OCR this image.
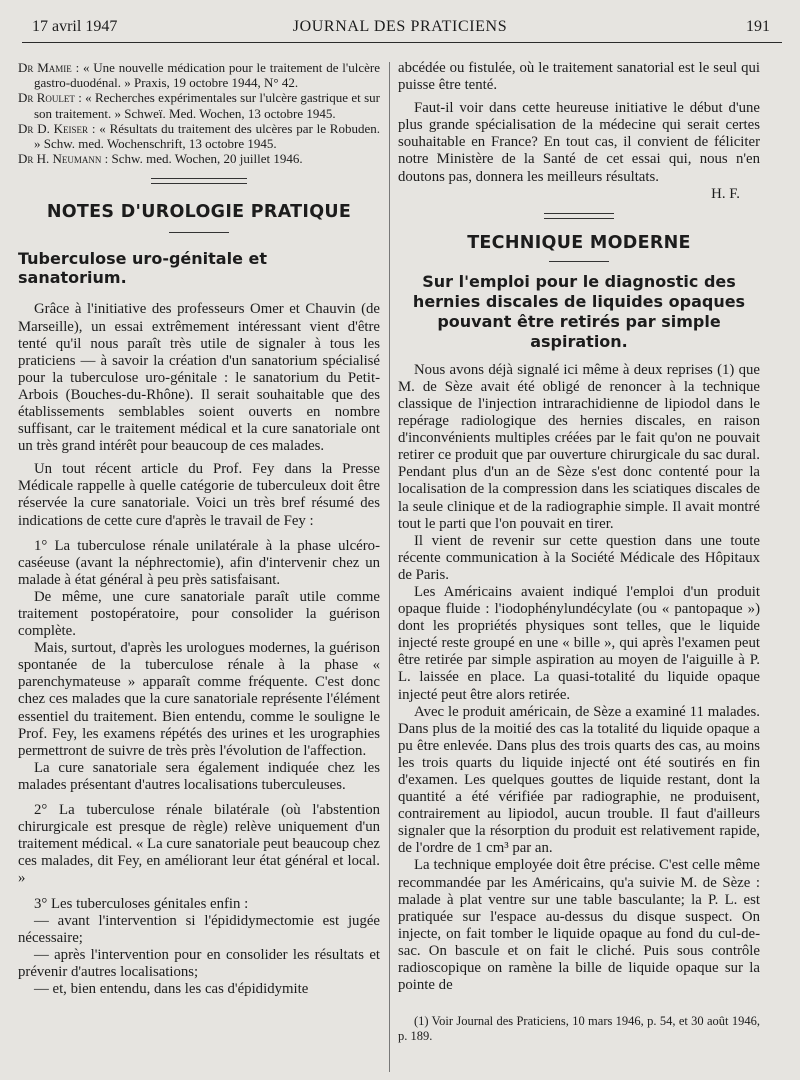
17 avril 1947	JOURNAL DES PRATICIENS	191

Dr Mamie : « Une nouvelle médication pour le traitement de l'ulcère gastro-duodénal. » Praxis, 19 octobre 1944, N° 42.

Dr Roulet : « Recherches expérimentales sur l'ulcère gastrique et sur son traitement. » Schweï. Med. Wochen, 13 octobre 1945.

Dr D. Keiser : « Résultats du traitement des ulcères par le Robuden. » Schw. med. Wochenschrift, 13 octobre 1945.

Dr H. Neumann : Schw. med. Wochen, 20 juillet 1946.

NOTES D'UROLOGIE PRATIQUE
Tuberculose uro-génitale et sanatorium.

Grâce à l'initiative des professeurs Omer et Chauvin (de Marseille), un essai extrêmement intéressant vient d'être tenté qu'il nous paraît très utile de signaler à tous les praticiens — à savoir la création d'un sanatorium spécialisé pour la tuberculose uro-génitale : le sanatorium du Petit-Arbois (Bouches-du-Rhône). Il serait souhaitable que des établissements semblables soient ouverts en nombre suffisant, car le traitement médical et la cure sanatoriale ont un très grand intérêt pour beaucoup de ces malades.

Un tout récent article du Prof. Fey dans la Presse Médicale rappelle à quelle catégorie de tuberculeux doit être réservée la cure sanatoriale. Voici un très bref résumé des indications de cette cure d'après le travail de Fey :

1° La tuberculose rénale unilatérale à la phase ulcéro-caséeuse (avant la néphrectomie), afin d'intervenir chez un malade à état général à peu près satisfaisant.

De même, une cure sanatoriale paraît utile comme traitement postopératoire, pour consolider la guérison complète.

Mais, surtout, d'après les urologues modernes, la guérison spontanée de la tuberculose rénale à la phase « parenchymateuse » apparaît comme fréquente. C'est donc chez ces malades que la cure sanatoriale représente l'élément essentiel du traitement. Bien entendu, comme le souligne le Prof. Fey, les examens répétés des urines et les urographies permettront de suivre de très près l'évolution de l'affection.

La cure sanatoriale sera également indiquée chez les malades présentant d'autres localisations tuberculeuses.

2° La tuberculose rénale bilatérale (où l'abstention chirurgicale est presque de règle) relève uniquement d'un traitement médical. « La cure sanatoriale peut beaucoup chez ces malades, dit Fey, en améliorant leur état général et local. »

3° Les tuberculoses génitales enfin :

— avant l'intervention si l'épididymectomie est jugée nécessaire;

— après l'intervention pour en consolider les résultats et prévenir d'autres localisations;

— et, bien entendu, dans les cas d'épididymite

abcédée ou fistulée, où le traitement sanatorial est le seul qui puisse être tenté.

Faut-il voir dans cette heureuse initiative le début d'une plus grande spécialisation de la médecine qui serait certes souhaitable en France? En tout cas, il convient de féliciter notre Ministère de la Santé de cet essai qui, nous n'en doutons pas, donnera les meilleurs résultats.

H. F.
TECHNIQUE MODERNE
Sur l'emploi pour le diagnostic des hernies discales de liquides opaques pouvant être retirés par simple aspiration.

Nous avons déjà signalé ici même à deux reprises (1) que M. de Sèze avait été obligé de renoncer à la technique classique de l'injection intrarachidienne de lipiodol dans le repérage radiologique des hernies discales, en raison d'inconvénients multiples créées par le fait qu'on ne pouvait retirer ce produit que par ouverture chirurgicale du sac dural. Pendant plus d'un an de Sèze s'est donc contenté pour la localisation de la compression dans les sciatiques discales de la seule clinique et de la radiographie simple. Il avait montré tout le parti que l'on pouvait en tirer.

Il vient de revenir sur cette question dans une toute récente communication à la Société Médicale des Hôpitaux de Paris.

Les Américains avaient indiqué l'emploi d'un produit opaque fluide : l'iodophénylundécylate (ou « pantopaque ») dont les propriétés physiques sont telles, que le liquide injecté reste groupé en une « bille », qui après l'examen peut être retirée par simple aspiration au moyen de l'aiguille à P. L. laissée en place. La quasi-totalité du liquide opaque injecté peut être alors retirée.

Avec le produit américain, de Sèze a examiné 11 malades. Dans plus de la moitié des cas la totalité du liquide opaque a pu être enlevée. Dans plus des trois quarts des cas, au moins les trois quarts du liquide injecté ont été soutirés en fin d'examen. Les quelques gouttes de liquide restant, dont la quantité a été vérifiée par radiographie, ne produisent, contrairement au lipiodol, aucun trouble. Il faut d'ailleurs signaler que la résorption du produit est relativement rapide, de l'ordre de 1 cm³ par an.

La technique employée doit être précise. C'est celle même recommandée par les Américains, qu'a suivie M. de Sèze : malade à plat ventre sur une table basculante; la P. L. est pratiquée sur l'espace au-dessus du disque suspect. On injecte, on fait tomber le liquide opaque au fond du cul-de-sac. On bascule et on fait le cliché. Puis sous contrôle radioscopique on ramène la bille de liquide opaque sur la pointe de

(1) Voir Journal des Praticiens, 10 mars 1946, p. 54, et 30 août 1946, p. 189.
